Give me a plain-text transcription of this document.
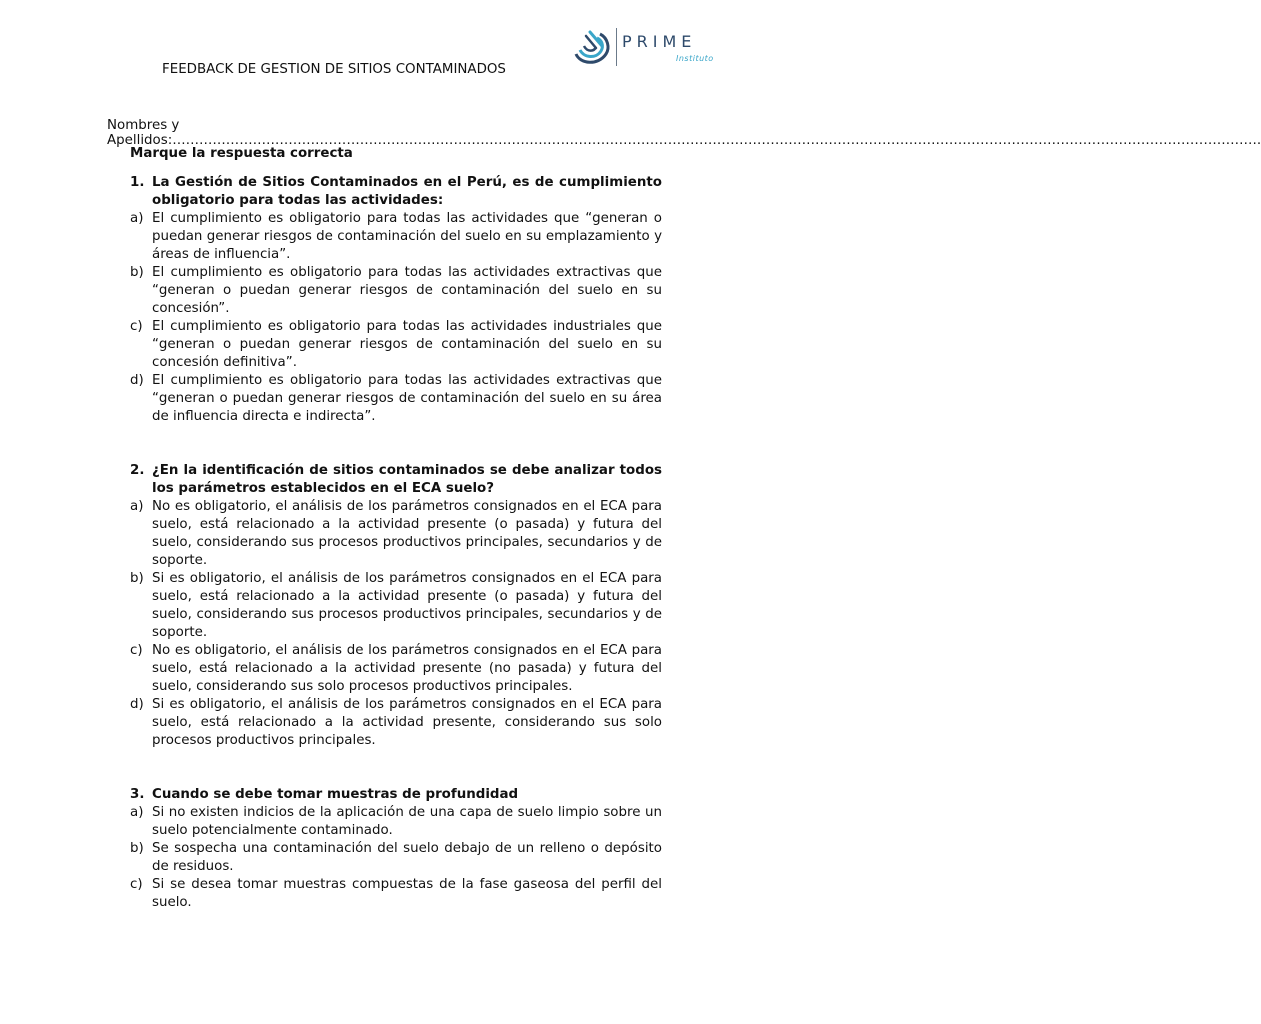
PRIME
Instituto
FEEDBACK DE GESTION DE SITIOS CONTAMINADOS
Nombres y Apellidos:……………………………………………………………………………………………………………………………………………………………………………………………………………………….
Marque la respuesta correcta
1. La Gestión de Sitios Contaminados en el Perú, es de cumplimiento obligatorio para todas las actividades:
a) El cumplimiento es obligatorio para todas las actividades que “generan o puedan generar riesgos de contaminación del suelo en su emplazamiento y áreas de influencia”.
b) El cumplimiento es obligatorio para todas las actividades extractivas que “generan o puedan generar riesgos de contaminación del suelo en su concesión”.
c) El cumplimiento es obligatorio para todas las actividades industriales que “generan o puedan generar riesgos de contaminación del suelo en su concesión definitiva”.
d) El cumplimiento es obligatorio para todas las actividades extractivas que “generan o puedan generar riesgos de contaminación del suelo en su área de influencia directa e indirecta”.
2. ¿En la identificación de sitios contaminados se debe analizar todos los parámetros establecidos en el ECA suelo?
a) No es obligatorio, el análisis de los parámetros consignados en el ECA para suelo, está relacionado a la actividad presente (o pasada) y futura del suelo, considerando sus procesos productivos principales, secundarios y de soporte.
b) Si es obligatorio, el análisis de los parámetros consignados en el ECA para suelo, está relacionado a la actividad presente (o pasada) y futura del suelo, considerando sus procesos productivos principales, secundarios y de soporte.
c) No es obligatorio, el análisis de los parámetros consignados en el ECA para suelo, está relacionado a la actividad presente (no pasada) y futura del suelo, considerando sus solo procesos productivos principales.
d) Si es obligatorio, el análisis de los parámetros consignados en el ECA para suelo, está relacionado a la actividad presente, considerando sus solo procesos productivos principales.
3. Cuando se debe tomar muestras de profundidad
a) Si no existen indicios de la aplicación de una capa de suelo limpio sobre un suelo potencialmente contaminado.
b) Se sospecha una contaminación del suelo debajo de un relleno o depósito de residuos.
c) Si se desea tomar muestras compuestas de la fase gaseosa del perfil del suelo.
